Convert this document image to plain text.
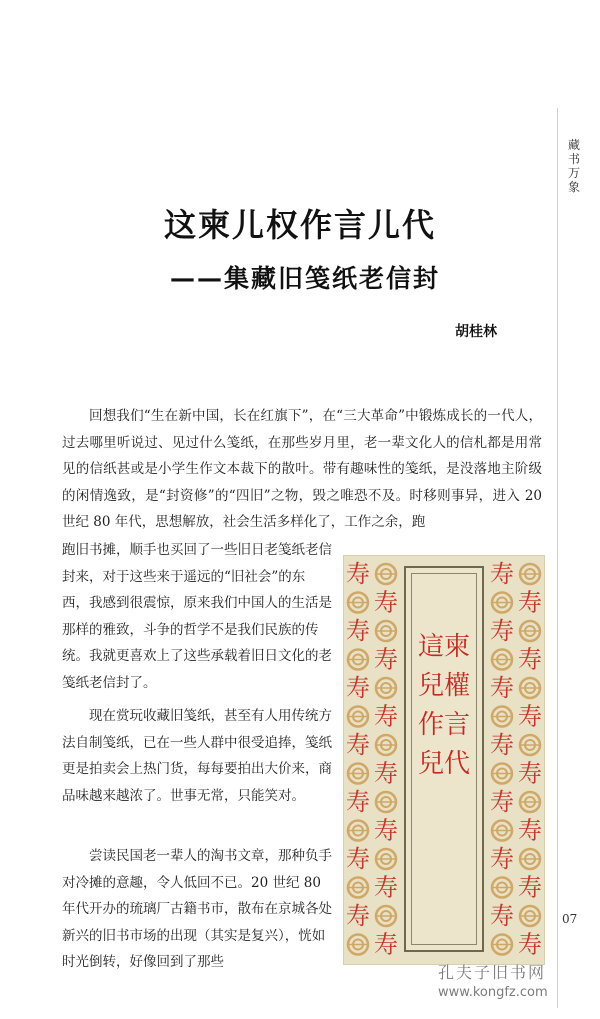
藏书万象
07
这柬儿权作言儿代
——集藏旧笺纸老信封
胡桂林
回想我们“生在新中国，长在红旗下”，在“三大革命”中锻炼成长的一代人，过去哪里听说过、见过什么笺纸，在那些岁月里，老一辈文化人的信札都是用常见的信纸甚或是小学生作文本裁下的散叶。带有趣味性的笺纸，是没落地主阶级的闲情逸致，是“封资修”的“四旧”之物，毁之唯恐不及。时移则事异，进入 20 世纪 80 年代，思想解放，社会生活多样化了，工作之余，跑
跑旧书摊，顺手也买回了一些旧日老笺纸老信封来，对于这些来于遥远的“旧社会”的东西，我感到很震惊，原来我们中国人的生活是那样的雅致，斗争的哲学不是我们民族的传统。我就更喜欢上了这些承载着旧日文化的老笺纸老信封了。
现在赏玩收藏旧笺纸，甚至有人用传统方法自制笺纸，已在一些人群中很受追捧，笺纸更是拍卖会上热门货，每每要拍出大价来，商品味越来越浓了。世事无常，只能笑对。
尝读民国老一辈人的淘书文章，那种负手对冷摊的意趣，令人低回不已。20 世纪 80 年代开办的琉璃厂古籍书市，散布在京城各处新兴的旧书市场的出现（其实是复兴），恍如时光倒转，好像回到了那些
寿	寿
寿	寿
寿	寿
寿	寿
寿	寿
寿	寿
寿	寿
寿	寿
寿	寿
寿	寿
寿	寿
寿	寿
寿	寿
寿	寿
這柬兒權作言兒代
孔夫子旧书网
www.kongfz.com
